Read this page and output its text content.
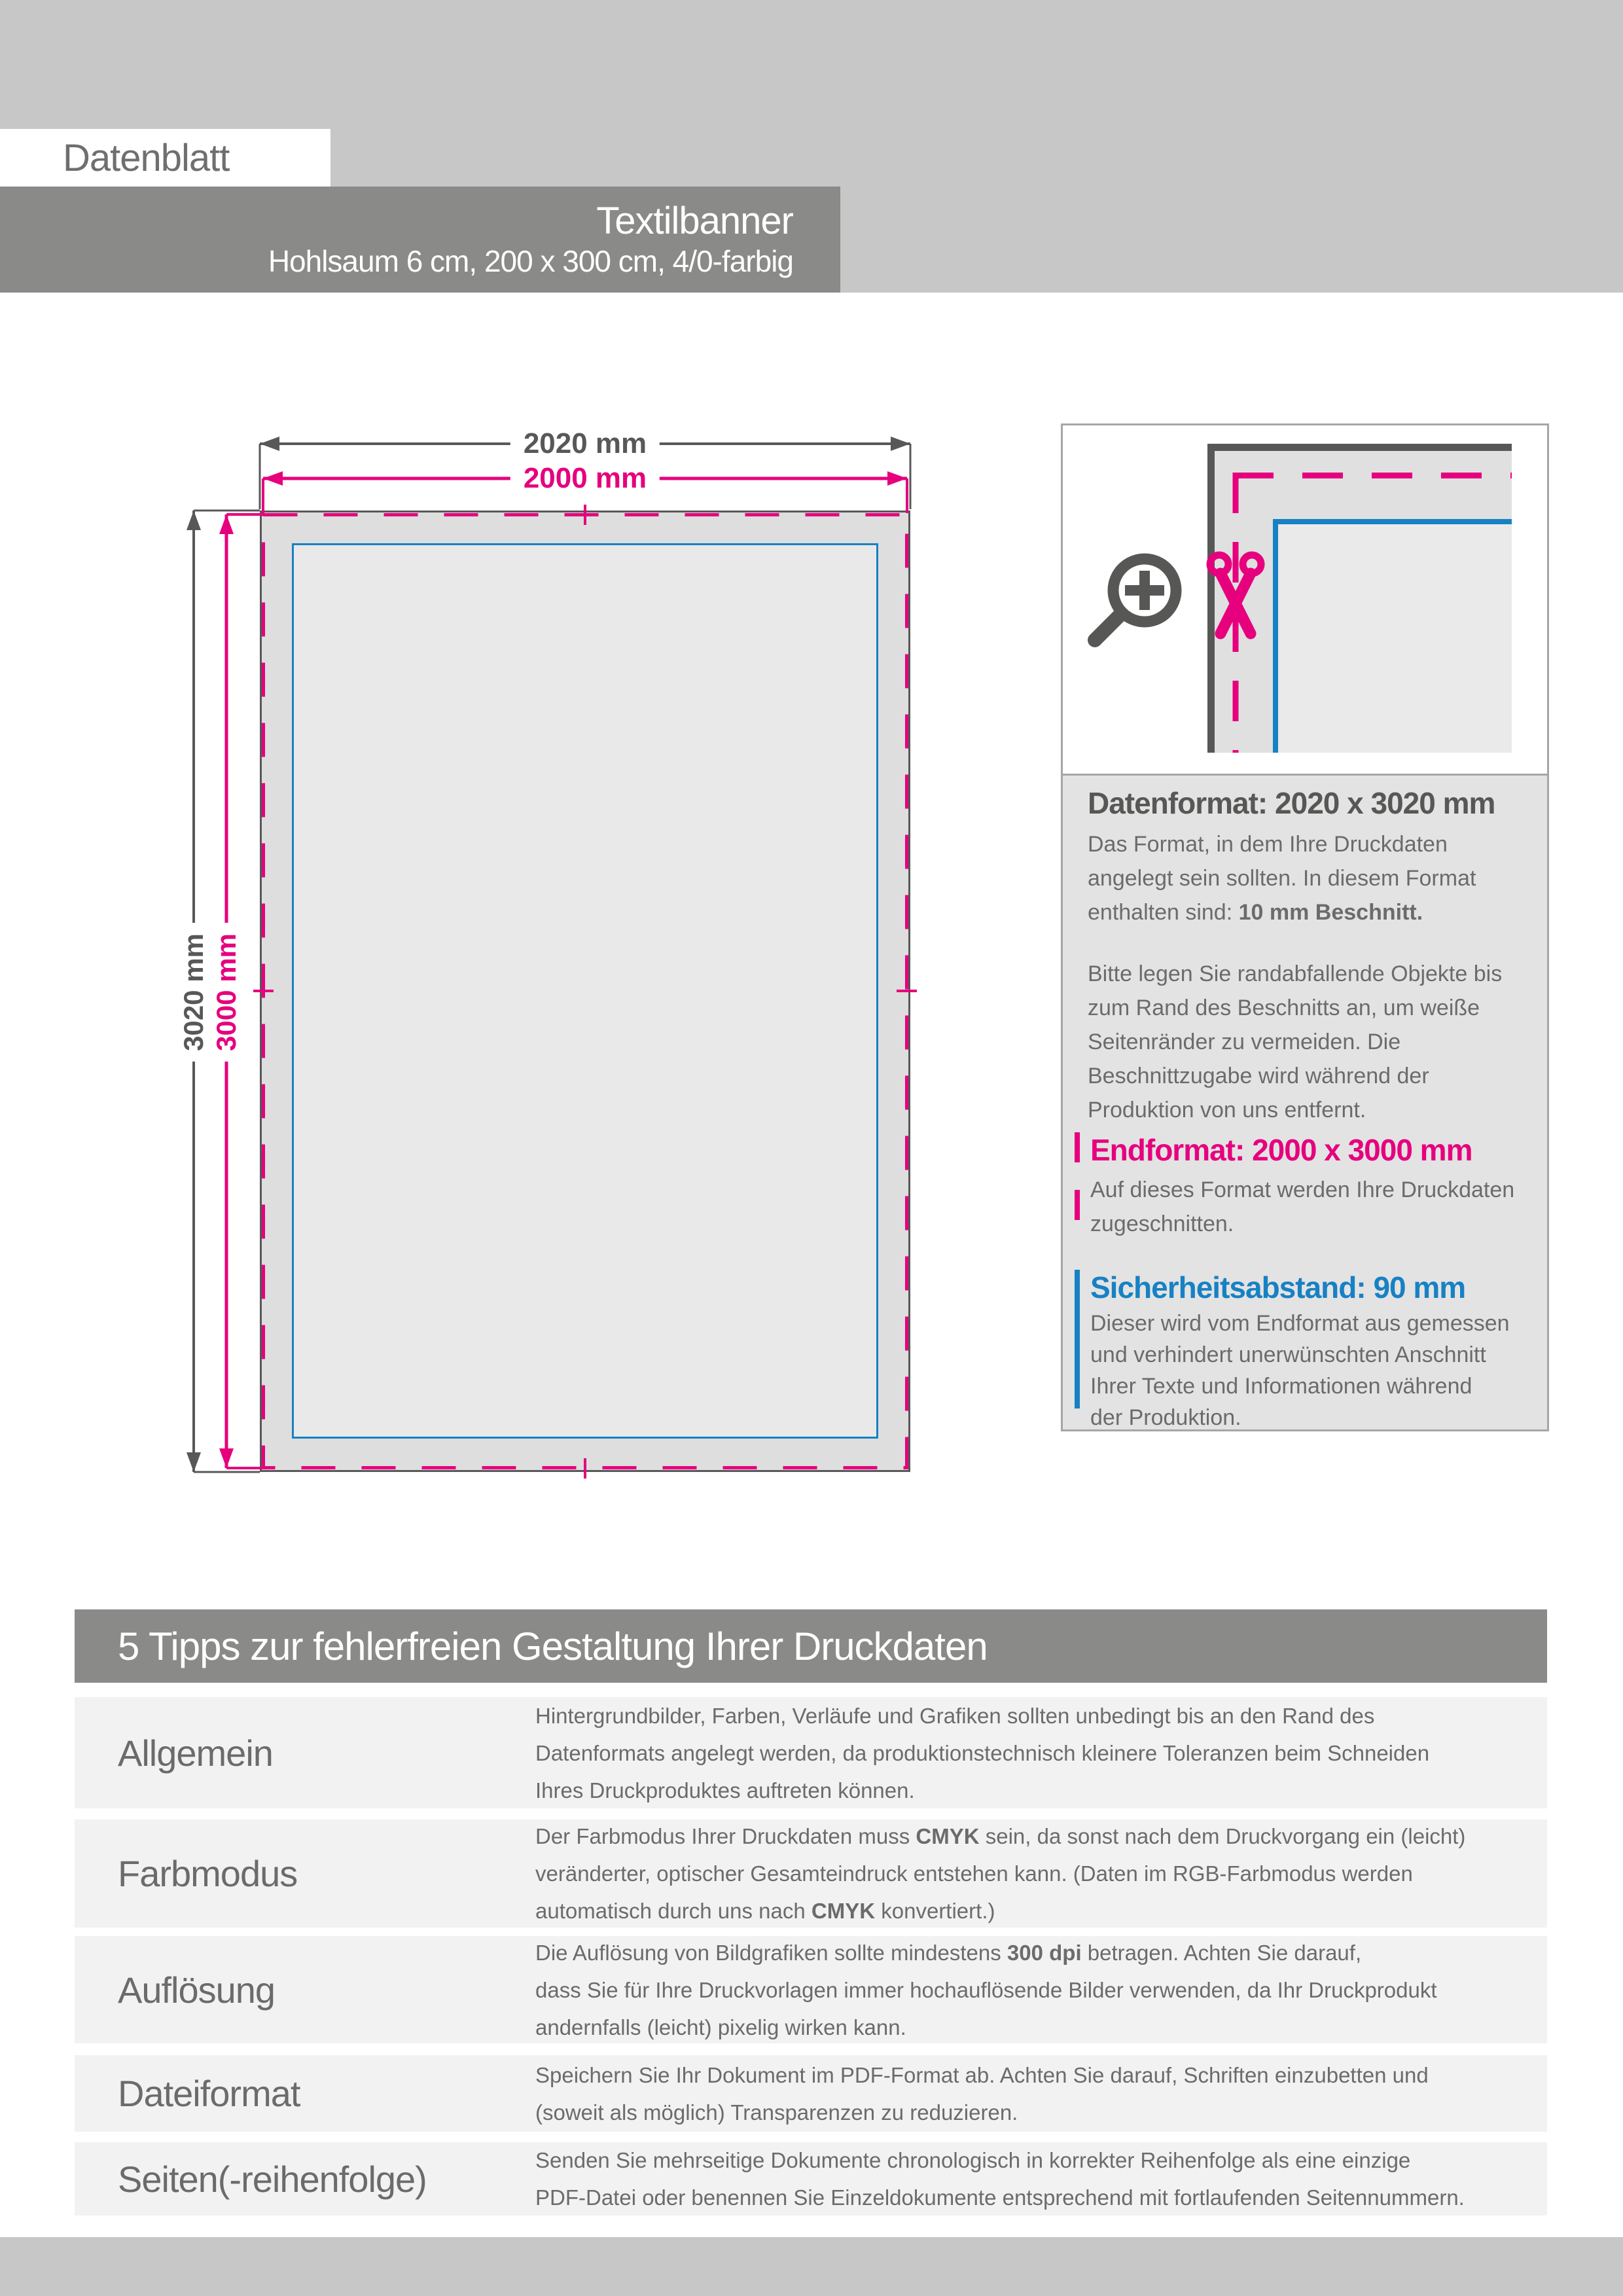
Datenblatt
Textilbanner
Hohlsaum 6 cm, 200 x 300 cm, 4/0-farbig
2020 mm
2000 mm
3020 mm 3000 mm
Datenformat: 2020 x 3020 mm
Das Format, in dem Ihre Druckdaten
angelegt sein sollten. In diesem Format
enthalten sind: 10 mm Beschnitt.
Bitte legen Sie randabfallende Objekte bis
zum Rand des Beschnitts an, um weiße
Seitenränder zu vermeiden. Die
Beschnittzugabe wird während der
Produktion von uns entfernt.
Endformat: 2000 x 3000 mm
Auf dieses Format werden Ihre Druckdaten
zugeschnitten.
Sicherheitsabstand: 90 mm
Dieser wird vom Endformat aus gemessen
und verhindert unerwünschten Anschnitt
Ihrer Texte und Informationen während
der Produktion.
5 Tipps zur fehlerfreien Gestaltung Ihrer Druckdaten
Allgemein
Hintergrundbilder, Farben, Verläufe und Grafiken sollten unbedingt bis an den Rand des
Datenformats angelegt werden, da produktionstechnisch kleinere Toleranzen beim Schneiden
Ihres Druckproduktes auftreten können.
Farbmodus
Der Farbmodus Ihrer Druckdaten muss CMYK sein, da sonst nach dem Druckvorgang ein (leicht)
veränderter, optischer Gesamteindruck entstehen kann. (Daten im RGB-Farbmodus werden
automatisch durch uns nach CMYK konvertiert.)
Auflösung
Die Auflösung von Bildgrafiken sollte mindestens 300 dpi betragen. Achten Sie darauf,
dass Sie für Ihre Druckvorlagen immer hochauflösende Bilder verwenden, da Ihr Druckprodukt
andernfalls (leicht) pixelig wirken kann.
Dateiformat	Speichern Sie Ihr Dokument im PDF-Format ab. Achten Sie darauf, Schriften einzubetten und
(soweit als möglich) Transparenzen zu reduzieren.
Seiten(-reihenfolge)	Senden Sie mehrseitige Dokumente chronologisch in korrekter Reihenfolge als eine einzige
PDF-Datei oder benennen Sie Einzeldokumente entsprechend mit fortlaufenden Seitennummern.
